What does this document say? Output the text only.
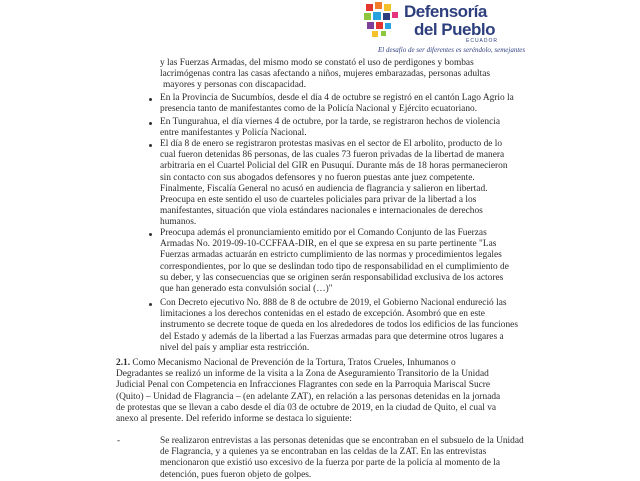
Defensoría
del Pueblo
ECUADOR
El desafío de ser diferentes es seréndolo, semejantes

y las Fuerzas Armadas, del mismo modo se constató el uso de perdigones y bombas

lacrimógenas contra las casas afectando a niños, mujeres embarazadas, personas adultas

mayores y personas con discapacidad.

En la Provincia de Sucumbíos, desde el día 4 de octubre se registró en el cantón Lago Agrio la

presencia tanto de manifestantes como de la Policía Nacional y Ejército ecuatoriano.

En Tungurahua, el día viernes 4 de octubre, por la tarde, se registraron hechos de violencia

entre manifestantes y Policía Nacional.

El día 8 de enero se registraron protestas masivas en el sector de El arbolito, producto de lo

cual fueron detenidas 86 personas, de las cuales 73 fueron privadas de la libertad de manera

arbitraria en el Cuartel Policial del GIR en Pusuquí. Durante más de 18 horas permanecieron

sin contacto con sus abogados defensores y no fueron puestas ante juez competente.

Finalmente, Fiscalía General no acusó en audiencia de flagrancia y salieron en libertad.

Preocupa en este sentido el uso de cuarteles policiales para privar de la libertad a los

manifestantes, situación que viola estándares nacionales e internacionales de derechos

humanos.

Preocupa además el pronunciamiento emitido por el Comando Conjunto de las Fuerzas

Armadas No. 2019-09-10-CCFFAA-DIR, en el que se expresa en su parte pertinente "Las

Fuerzas armadas actuarán en estricto cumplimiento de las normas y procedimientos legales

correspondientes, por lo que se deslindan todo tipo de responsabilidad en el cumplimiento de

su deber, y las consecuencias que se originen serán responsabilidad exclusiva de los actores

que han generado esta convulsión social (…)"

Con Decreto ejecutivo No. 888 de 8 de octubre de 2019, el Gobierno Nacional endureció las

limitaciones a los derechos contenidas en el estado de excepción. Asombró que en este

instrumento se decrete toque de queda en los alrededores de todos los edificios de las funciones

del Estado y además de la libertad a las Fuerzas armadas para que determine otros lugares a

nivel del país y ampliar esta restricción.

2.1. Como Mecanismo Nacional de Prevención de la Tortura, Tratos Crueles, Inhumanos o

Degradantes se realizó un informe de la visita a la Zona de Aseguramiento Transitorio de la Unidad

Judicial Penal con Competencia en Infracciones Flagrantes con sede en la Parroquia Mariscal Sucre

(Quito) – Unidad de Flagrancia – (en adelante ZAT), en relación a las personas detenidas en la jornada

de protestas que se llevan a cabo desde el día 03 de octubre de 2019, en la ciudad de Quito, el cual va

anexo al presente. Del referido informe se destaca lo siguiente:

-	Se realizaron entrevistas a las personas detenidas que se encontraban en el subsuelo de la Unidad

de Flagrancia, y a quienes ya se encontraban en las celdas de la ZAT. En las entrevistas

mencionaron que existió uso excesivo de la fuerza por parte de la policía al momento de la

detención, pues fueron objeto de golpes.
